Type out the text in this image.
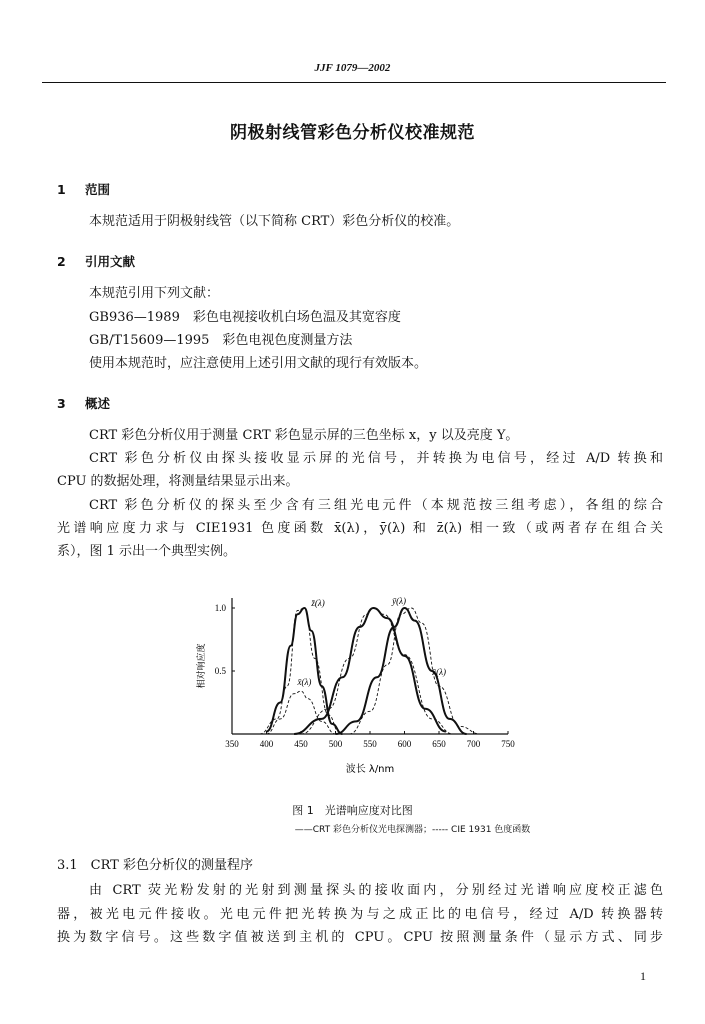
JJF 1079—2002
阴极射线管彩色分析仪校准规范
1 范围
本规范适用于阴极射线管（以下简称 CRT）彩色分析仪的校准。
2 引用文献
本规范引用下列文献：
GB936—1989　彩色电视接收机白场色温及其宽容度
GB/T15609—1995　彩色电视色度测量方法
使用本规范时，应注意使用上述引用文献的现行有效版本。
3 概述
CRT 彩色分析仪用于测量 CRT 彩色显示屏的三色坐标 x，y 以及亮度 Y。
CRT 彩色分析仪由探头接收显示屏的光信号，并转换为电信号，经过 A/D 转换和
CPU 的数据处理，将测量结果显示出来。
CRT 彩色分析仪的探头至少含有三组光电元件（本规范按三组考虑），各组的综合
光谱响应度力求与 CIE1931 色度函数 x̄(λ)，ȳ(λ) 和 z̄(λ) 相一致（或两者存在组合关
系），图 1 示出一个典型实例。
350 400 450 500 550 600 650 700 750
0.5
1.0	z̄(λ)	ȳ(λ)
x̄(λ)
x̄(λ)
波长 λ/nm
相对响应度
图 1　光谱响应度对比图
——CRT 彩色分析仪光电探测器；----- CIE 1931 色度函数
3.1　CRT 彩色分析仪的测量程序
由 CRT 荧光粉发射的光射到测量探头的接收面内，分别经过光谱响应度校正滤色
器，被光电元件接收。光电元件把光转换为与之成正比的电信号，经过 A/D 转换器转
换为数字信号。这些数字值被送到主机的 CPU。CPU 按照测量条件（显示方式、同步
1
